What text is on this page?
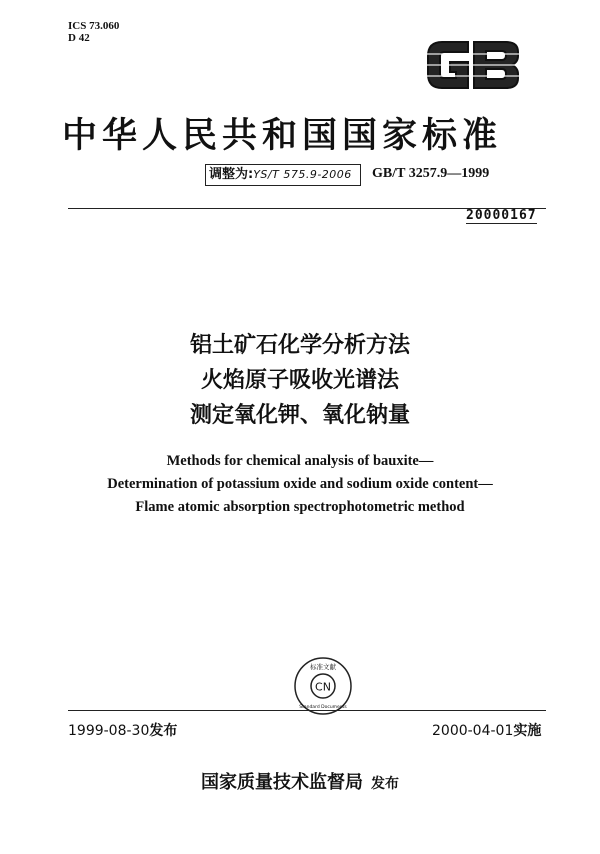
ICS 73.060
D 42
中华人民共和国国家标准
调整为:YS/T 575.9-2006	GB/T 3257.9—1999
20000167
铝土矿石化学分析方法
火焰原子吸收光谱法
测定氧化钾、氧化钠量
Methods for chemical analysis of bauxite—
Determination of potassium oxide and sodium oxide content—
Flame atomic absorption spectrophotometric method
CN
标准文献
Standard Documents
1999-08-30发布	2000-04-01实施
国家质量技术监督局 发布
